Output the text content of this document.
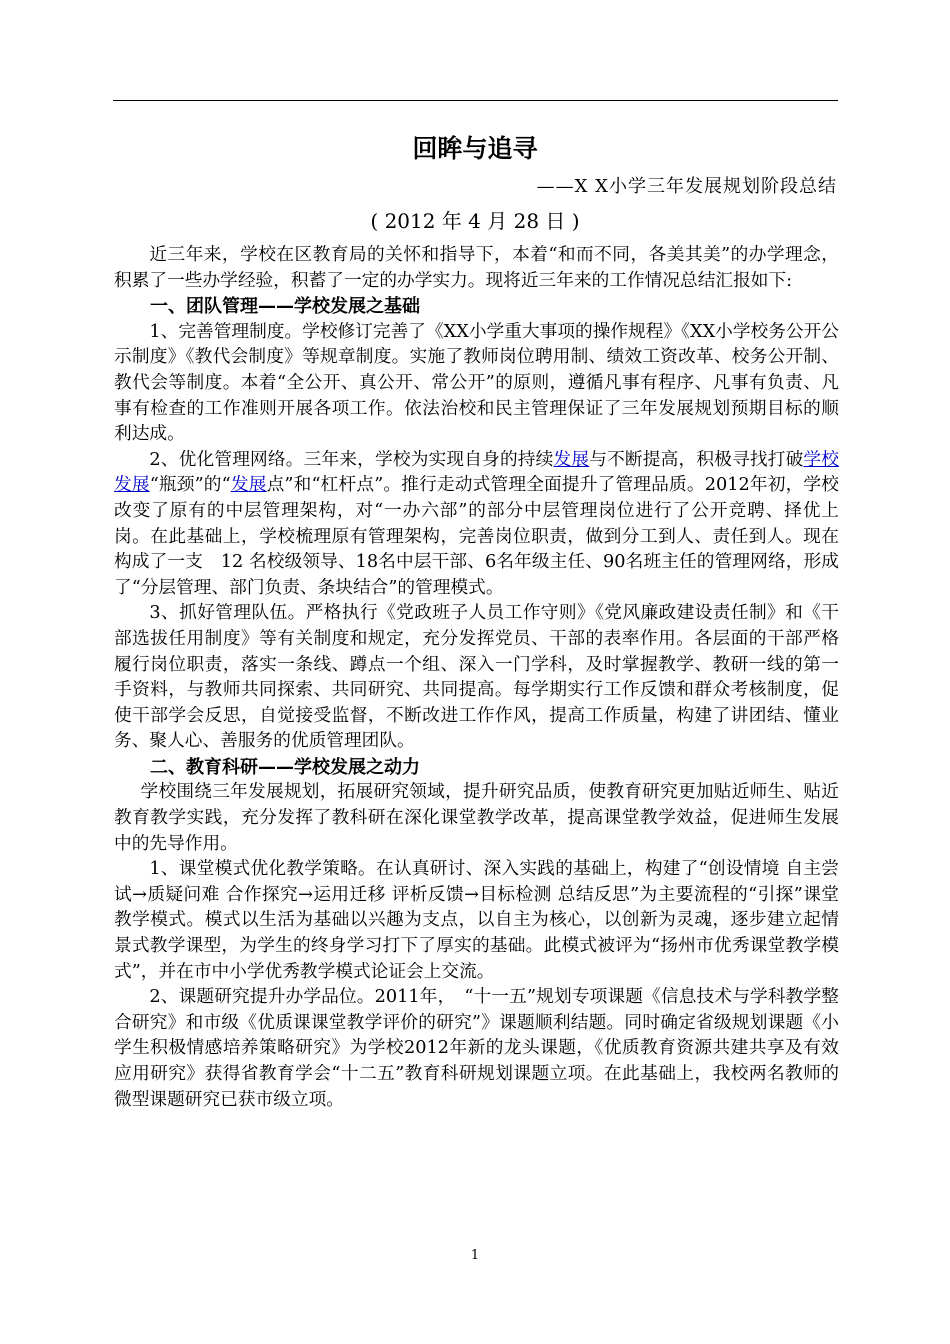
回眸与追寻
——X X小学三年发展规划阶段总结
( 2012 年 4 月 28 日 )

近三年来，学校在区教育局的关怀和指导下，本着“和而不同，各美其美”的办学理念，积累了一些办学经验，积蓄了一定的办学实力。现将近三年来的工作情况总结汇报如下:

一、团队管理——学校发展之基础

1、完善管理制度。学校修订完善了《XX小学重大事项的操作规程》《XX小学校务公开公示制度》《教代会制度》等规章制度。实施了教师岗位聘用制、绩效工资改革、校务公开制、教代会等制度。本着“全公开、真公开、常公开”的原则，遵循凡事有程序、凡事有负责、凡事有检查的工作准则开展各项工作。依法治校和民主管理保证了三年发展规划预期目标的顺利达成。

2、优化管理网络。三年来，学校为实现自身的持续发展与不断提高，积极寻找打破学校发展“瓶颈”的“发展点”和“杠杆点”。推行走动式管理全面提升了管理品质。2012年初，学校改变了原有的中层管理架构，对“一办六部”的部分中层管理岗位进行了公开竞聘、择优上岗。在此基础上，学校梳理原有管理架构，完善岗位职责，做到分工到人、责任到人。现在构成了一支　12 名校级领导、18名中层干部、6名年级主任、90名班主任的管理网络，形成了“分层管理、部门负责、条块结合”的管理模式。

3、抓好管理队伍。严格执行《党政班子人员工作守则》《党风廉政建设责任制》和《干部选拔任用制度》等有关制度和规定，充分发挥党员、干部的表率作用。各层面的干部严格履行岗位职责，落实一条线、蹲点一个组、深入一门学科，及时掌握教学、教研一线的第一手资料，与教师共同探索、共同研究、共同提高。每学期实行工作反馈和群众考核制度，促使干部学会反思，自觉接受监督，不断改进工作作风，提高工作质量，构建了讲团结、懂业务、聚人心、善服务的优质管理团队。

二、教育科研——学校发展之动力

学校围绕三年发展规划，拓展研究领域，提升研究品质，使教育研究更加贴近师生、贴近教育教学实践，充分发挥了教科研在深化课堂教学改革，提高课堂教学效益，促进师生发展中的先导作用。

1、课堂模式优化教学策略。在认真研讨、深入实践的基础上，构建了“创设情境 自主尝试→质疑问难 合作探究→运用迁移 评析反馈→目标检测 总结反思”为主要流程的“引探”课堂教学模式。模式以生活为基础以兴趣为支点，以自主为核心，以创新为灵魂，逐步建立起情景式教学课型，为学生的终身学习打下了厚实的基础。此模式被评为“扬州市优秀课堂教学模式”，并在市中小学优秀教学模式论证会上交流。

2、课题研究提升办学品位。2011年，　“十一五”规划专项课题《信息技术与学科教学整合研究》和市级《优质课课堂教学评价的研究”》课题顺利结题。同时确定省级规划课题《小学生积极情感培养策略研究》为学校2012年新的龙头课题，《优质教育资源共建共享及有效应用研究》获得省教育学会“十二五”教育科研规划课题立项。在此基础上，我校两名教师的微型课题研究已获市级立项。

1
